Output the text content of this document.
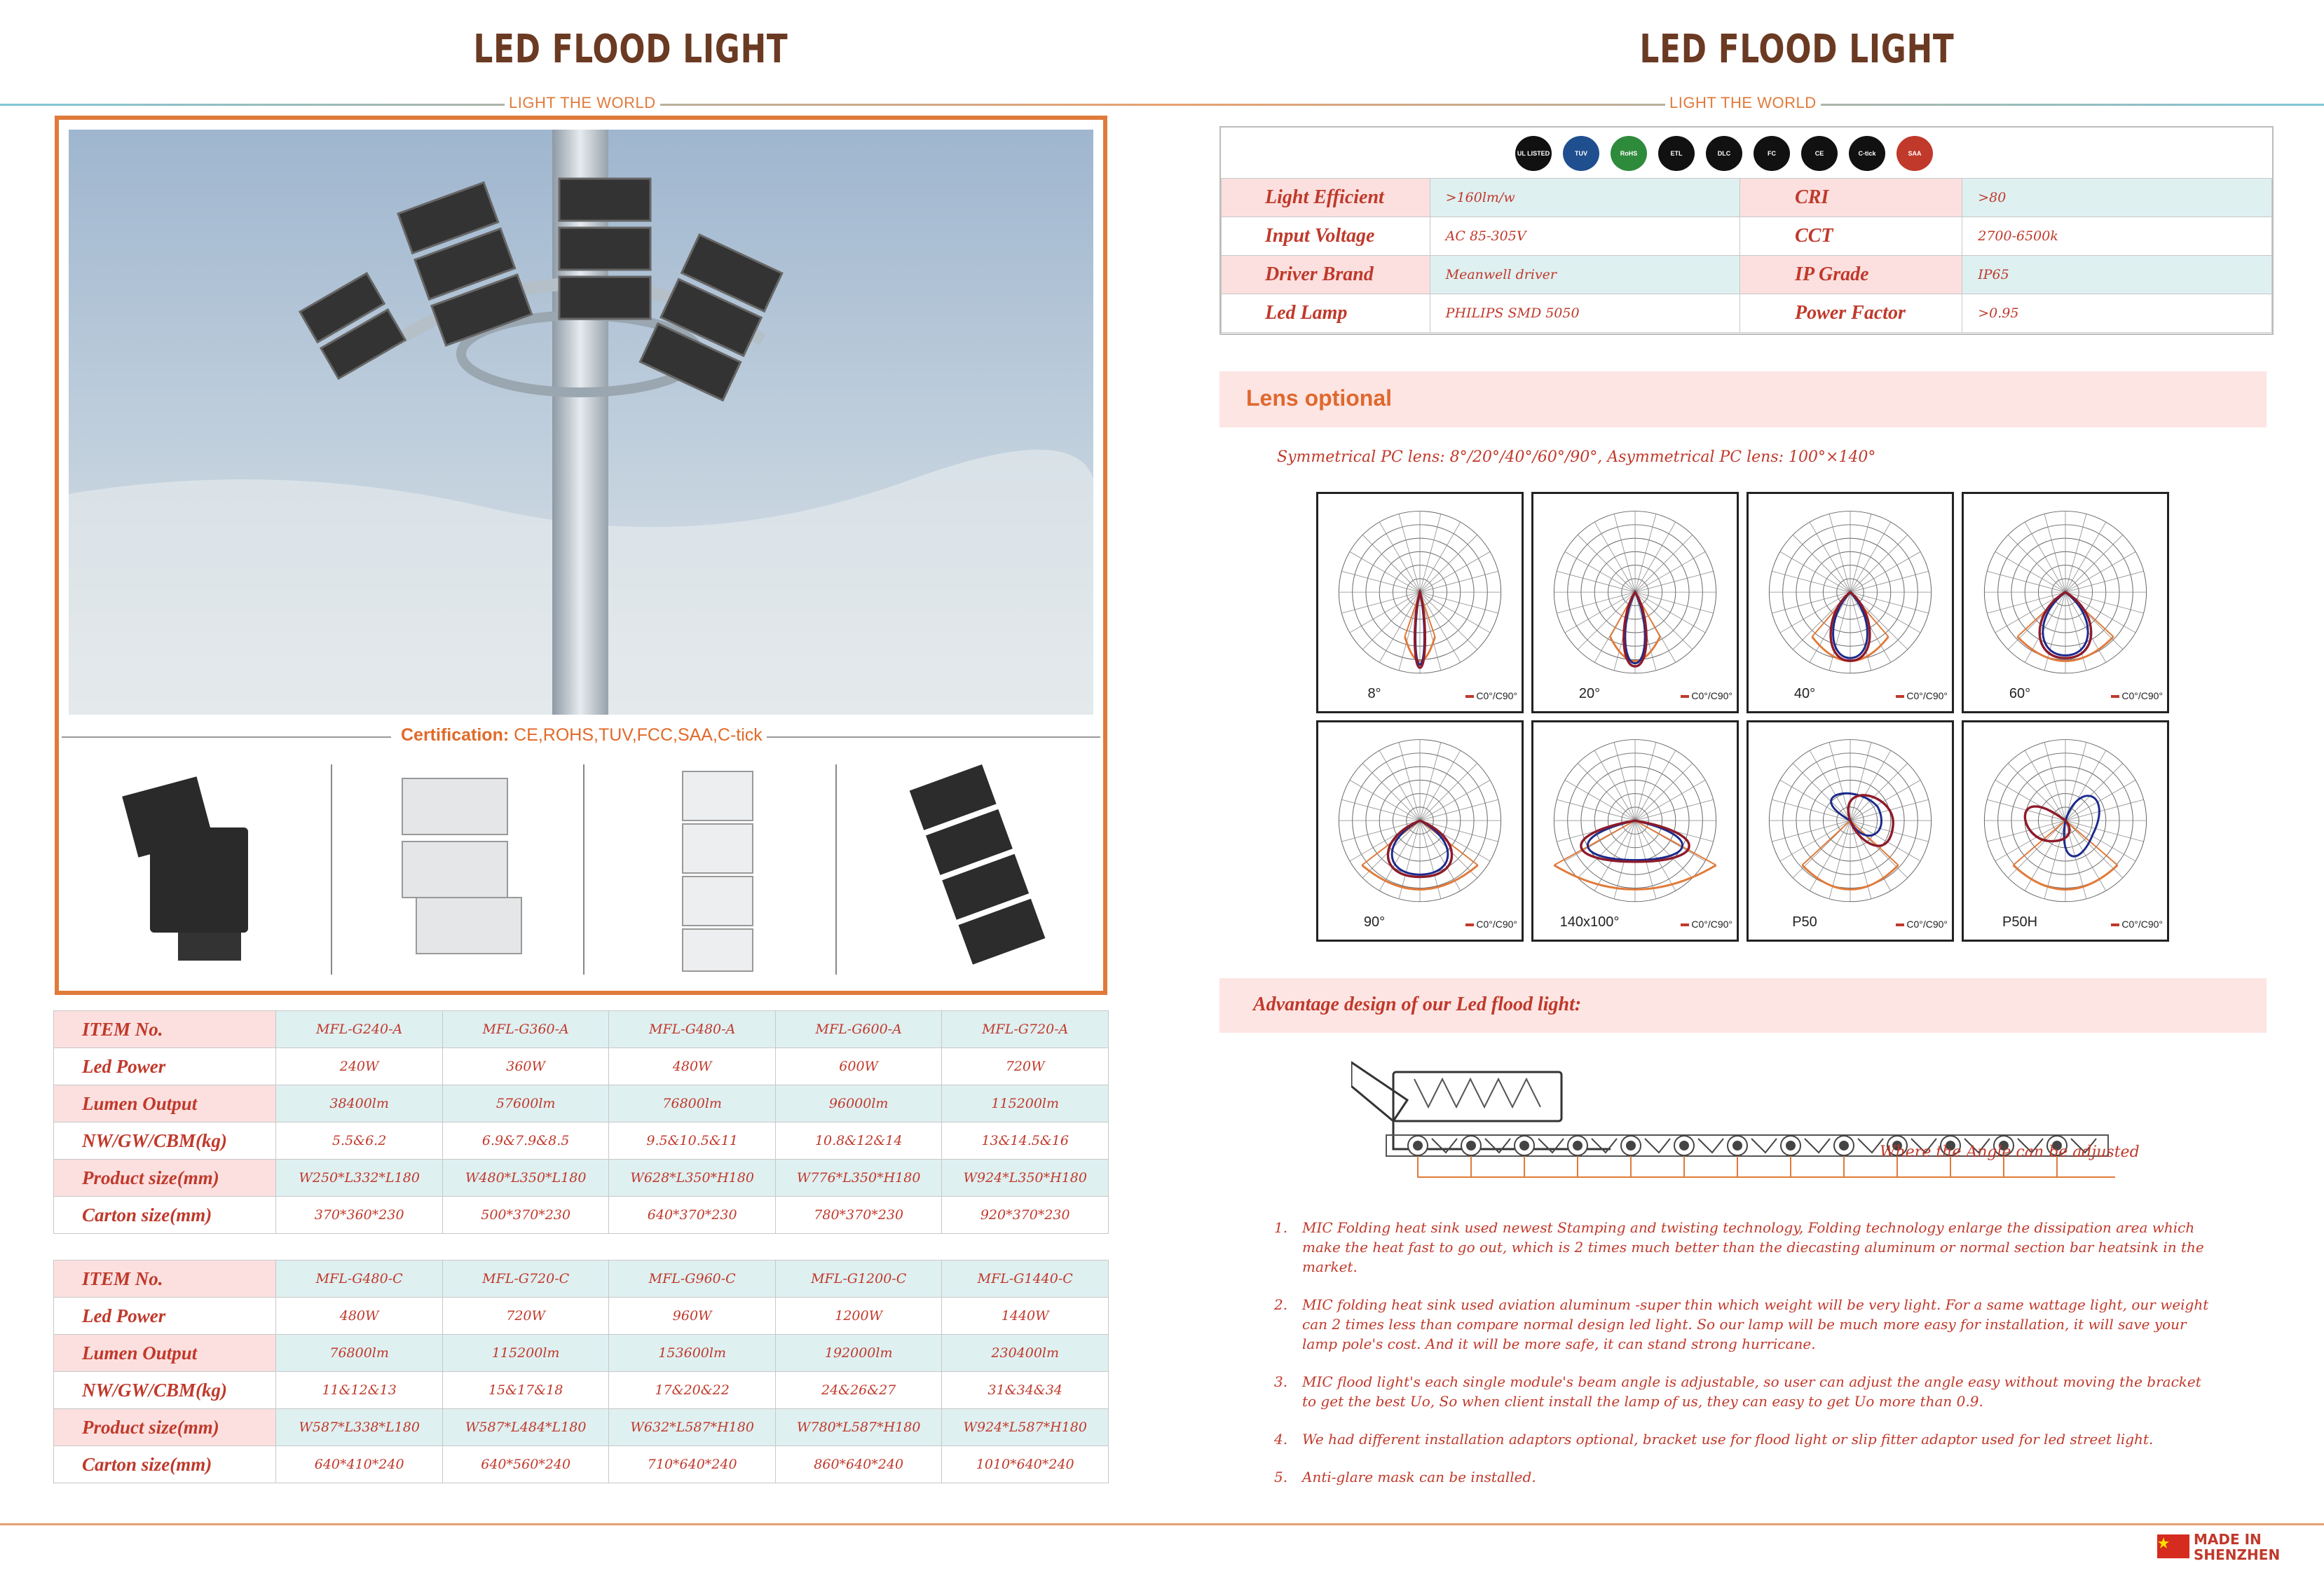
LED FLOOD LIGHT
LIGHT THE WORLD
Certification: CE,ROHS,TUV,FCC,SAA,C-tick
ITEM No.	MFL-G240-A	MFL-G360-A	MFL-G480-A	MFL-G600-A	MFL-G720-A
Led Power	240W	360W	480W	600W	720W
Lumen Output	38400lm	57600lm	76800lm	96000lm	115200lm
NW/GW/CBM(kg)	5.5&6.2	6.9&7.9&8.5	9.5&10.5&11	10.8&12&14	13&14.5&16
Product size(mm)	W250*L332*L180	W480*L350*L180	W628*L350*H180	W776*L350*H180	W924*L350*H180
Carton size(mm)	370*360*230	500*370*230	640*370*230	780*370*230	920*370*230
ITEM No.	MFL-G480-C	MFL-G720-C	MFL-G960-C	MFL-G1200-C	MFL-G1440-C
Led Power	480W	720W	960W	1200W	1440W
Lumen Output	76800lm	115200lm	153600lm	192000lm	230400lm
NW/GW/CBM(kg)	11&12&13	15&17&18	17&20&22	24&26&27	31&34&34
Product size(mm)	W587*L338*L180	W587*L484*L180	W632*L587*H180	W780*L587*H180	W924*L587*H180
Carton size(mm)	640*410*240	640*560*240	710*640*240	860*640*240	1010*640*240
LED FLOOD LIGHT
LIGHT THE WORLD
UL LISTED	TUV	RoHS	ETL	DLC	FC	CE	C-tick	SAA
Light Efficient	>160lm/w	CRI	>80
Input Voltage	AC 85-305V	CCT	2700-6500k
Driver Brand	Meanwell driver	IP Grade	IP65
Led Lamp	PHILIPS SMD 5050	Power Factor	>0.95
Lens optional
Symmetrical PC lens: 8°/20°/40°/60°/90°, Asymmetrical PC lens: 100°×140°
8°	C0°/C90°	20°	C0°/C90°	40°	C0°/C90°	60°	C0°/C90°
90°	C0°/C90°	140x100°	C0°/C90°	P50	C0°/C90°	P50H	C0°/C90°
Advantage design of our Led flood light:
Where the Angle can be adjusted
1. MIC Folding heat sink used newest Stamping and twisting technology, Folding technology enlarge the dissipation area which make the heat fast to go out, which is 2 times much better than the diecasting aluminum or normal section bar heatsink in the market.
2. MIC folding heat sink used aviation aluminum -super thin which weight will be very light. For a same wattage light, our weight can 2 times less than compare normal design led light. So our lamp will be much more easy for installation, it will save your lamp pole's cost. And it will be more safe, it can stand strong hurricane.
3. MIC flood light's each single module's beam angle is adjustable, so user can adjust the angle easy without moving the bracket to get the best Uo, So when client install the lamp of us, they can easy to get Uo more than 0.9.
4. We had different installation adaptors optional, bracket use for flood light or slip fitter adaptor used for led street light.
5. Anti-glare mask can be installed.
MADE IN
SHENZHEN
